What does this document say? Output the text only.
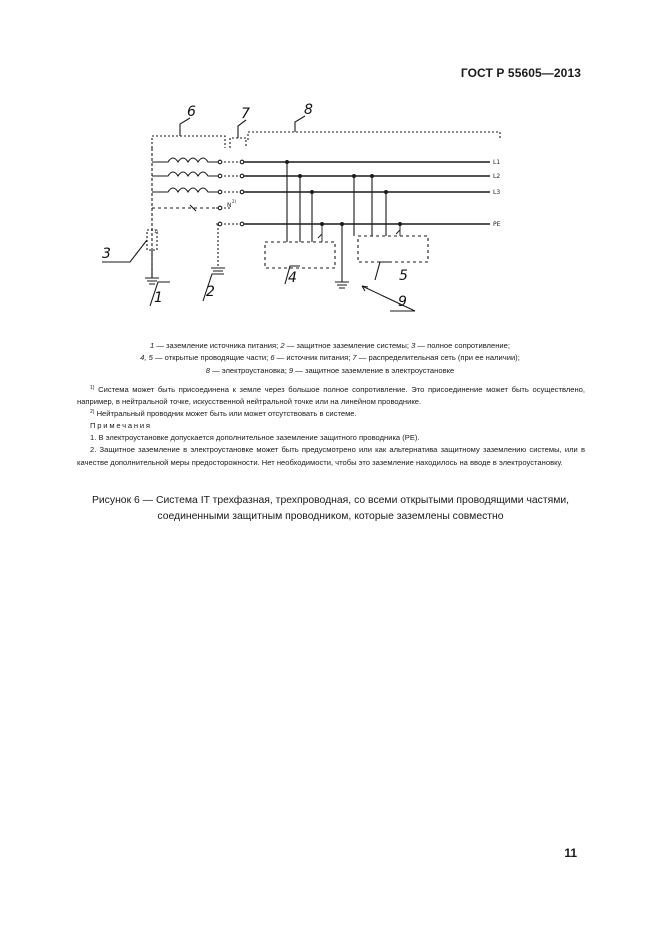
ГОСТ Р 55605—2013
L1
L2
L3
N
PE
1)
2)
6	7	8
3
1	2
4	5
9
1 — заземление источника питания; 2 — защитное заземление системы; 3 — полное сопротивление;
4, 5 — открытые проводящие части; 6 — источник питания; 7 — распределительная сеть (при ее наличии);
8 — электроустановка; 9 — защитное заземление в электроустановке

$^{1)}$ Система может быть присоединена к земле через большое полное сопротивление. Это присоединение может быть осуществлено, например, в нейтральной точке, искусственной нейтральной точке или на линейном проводнике.

$^{2)}$ Нейтральный проводник может быть или может отсутствовать в системе.

Примечания

1. В электроустановке допускается дополнительное заземление защитного проводника (PE).

2. Защитное заземление в электроустановке может быть предусмотрено или как альтернатива защитному заземлению системы, или в качестве дополнительной меры предосторожности. Нет необходимости, чтобы это заземление находилось на вводе в электроустановку.

Рисунок 6 — Система IT трехфазная, трехпроводная, со всеми открытыми проводящими частями,
соединенными защитным проводником, которые заземлены совместно
11
